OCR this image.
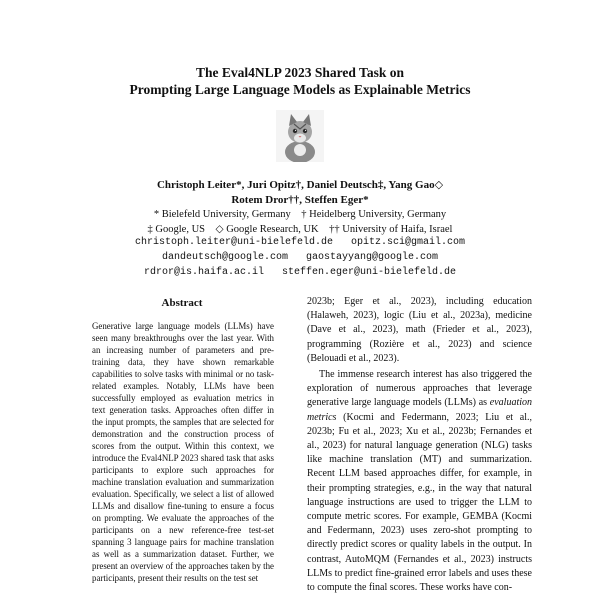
The Eval4NLP 2023 Shared Task on
Prompting Large Language Models as Explainable Metrics
Christoph Leiter*, Juri Opitz†, Daniel Deutsch‡, Yang Gao◇
Rotem Dror††, Steffen Eger*
* Bielefeld University, Germany    † Heidelberg University, Germany
‡ Google, US    ◇ Google Research, UK    †† University of Haifa, Israel
christoph.leiter@uni-bielefeld.de   opitz.sci@gmail.com
dandeutsch@google.com   gaostayyang@google.com
rdror@is.haifa.ac.il   steffen.eger@uni-bielefeld.de
Abstract
Generative large language models (LLMs) have seen many breakthroughs over the last year. With an increasing number of parameters and pre-training data, they have shown remarkable capabilities to solve tasks with minimal or no task-related examples. Notably, LLMs have been successfully employed as evaluation metrics in text generation tasks. Approaches often differ in the input prompts, the samples that are selected for demonstration and the construction process of scores from the output. Within this context, we introduce the Eval4NLP 2023 shared task that asks participants to explore such approaches for machine translation evaluation and summarization evaluation. Specifically, we select a list of allowed LLMs and disallow fine-tuning to ensure a focus on prompting. We evaluate the approaches of the participants on a new reference-free test-set spanning 3 language pairs for machine translation as well as a summarization dataset. Further, we present an overview of the approaches taken by the participants, present their results on the test set

2023b; Eger et al., 2023), including education (Halaweh, 2023), logic (Liu et al., 2023a), medicine (Dave et al., 2023), math (Frieder et al., 2023), programming (Rozière et al., 2023) and science (Belouadi et al., 2023).

The immense research interest has also triggered the exploration of numerous approaches that leverage generative large language models (LLMs) as evaluation metrics (Kocmi and Federmann, 2023; Liu et al., 2023b; Fu et al., 2023; Xu et al., 2023b; Fernandes et al., 2023) for natural language generation (NLG) tasks like machine translation (MT) and summarization. Recent LLM based approaches differ, for example, in their prompting strategies, e.g., in the way that natural language instructions are used to trigger the LLM to compute metric scores. For example, GEMBA (Kocmi and Federmann, 2023) uses zero-shot prompting to directly predict scores or quality labels in the output. In contrast, AutoMQM (Fernandes et al., 2023) instructs LLMs to predict fine-grained error labels and uses these to compute the final scores. These works have con-
